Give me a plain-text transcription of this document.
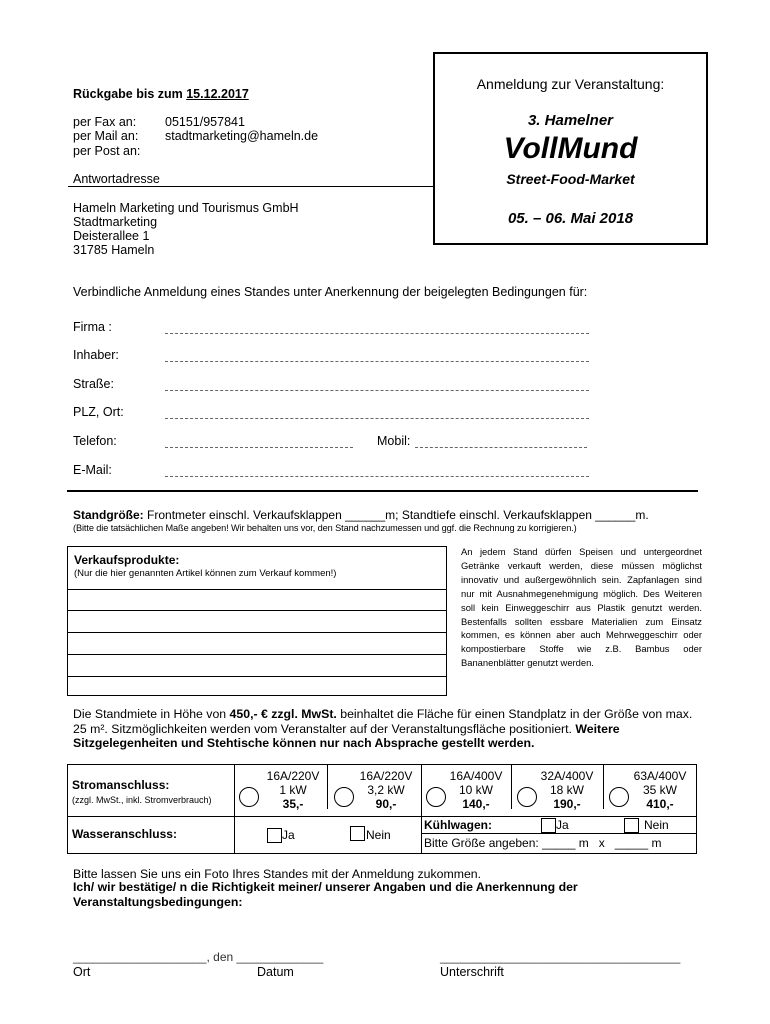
Rückgabe bis zum 15.12.2017
per Fax an: 05151/957841
per Mail an: stadtmarketing@hameln.de
per Post an:
Antwortadresse
Hameln Marketing und Tourismus GmbH
Stadtmarketing
Deisterallee 1
31785 Hameln
Anmeldung zur Veranstaltung:
3. Hamelner
VollMund
Street-Food-Market
05. – 06. Mai 2018
Verbindliche Anmeldung eines Standes unter Anerkennung der beigelegten Bedingungen für:
Firma :
Inhaber:
Straße:
PLZ, Ort:
Telefon:	Mobil:
E-Mail:
Standgröße: Frontmeter einschl. Verkaufsklappen ______m; Standtiefe einschl. Verkaufsklappen ______m.
(Bitte die tatsächlichen Maße angeben! Wir behalten uns vor, den Stand nachzumessen und ggf. die Rechnung zu korrigieren.)
Verkaufsprodukte:
(Nur die hier genannten Artikel können zum Verkauf kommen!)
An jedem Stand dürfen Speisen und untergeordnet Getränke verkauft werden, diese müssen möglichst innovativ und außergewöhnlich sein. Zapfanlagen sind nur mit Ausnahmegenehmigung möglich. Des Weiteren soll kein Einweggeschirr aus Plastik genutzt werden. Bestenfalls sollten essbare Materialien zum Einsatz kommen, es können aber auch Mehrweggeschirr oder kompostierbare Stoffe wie z.B. Bambus oder Bananenblätter genutzt werden.
Die Standmiete in Höhe von 450,- € zzgl. MwSt. beinhaltet die Fläche für einen Standplatz in der Größe von max. 25 m². Sitzmöglichkeiten werden vom Veranstalter auf der Veranstaltungsfläche positioniert. Weitere Sitzgelegenheiten und Stehtische können nur nach Absprache gestellt werden.
Stromanschluss:
(zzgl. MwSt., inkl. Stromverbrauch)
16A/220V
1 kW
35,-
16A/220V
3,2 kW
90,-
16A/400V
10 kW
140,-
32A/400V
18 kW
190,-
63A/400V
35 kW
410,-
Wasseranschluss:	Ja	Nein
Kühlwagen:	Ja	Nein
Bitte Größe angeben: _____ m   x   _____ m
Bitte lassen Sie uns ein Foto Ihres Standes mit der Anmeldung zukommen.
Ich/ wir bestätige/ n die Richtigkeit meiner/ unserer Angaben und die Anerkennung der Veranstaltungsbedingungen:
____________________, den _____________	____________________________________
Ort	Datum	Unterschrift
